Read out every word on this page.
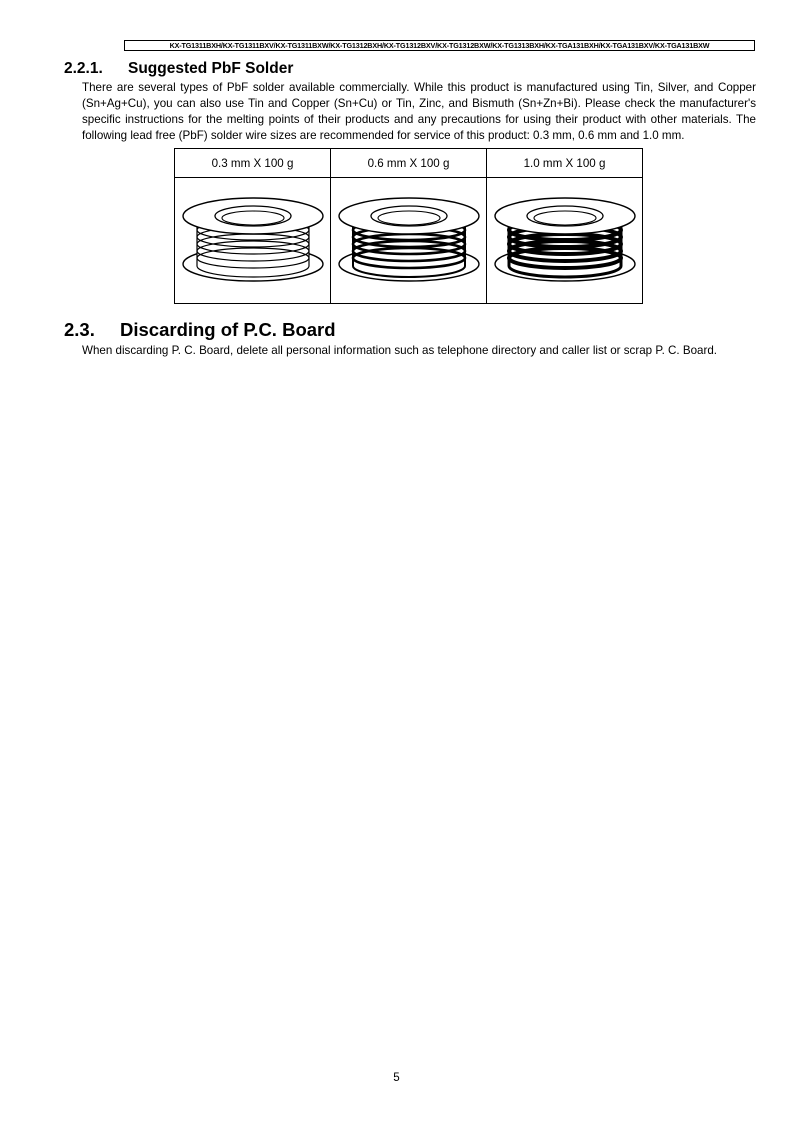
KX-TG1311BXH/KX-TG1311BXV/KX-TG1311BXW/KX-TG1312BXH/KX-TG1312BXV/KX-TG1312BXW/KX-TG1313BXH/KX-TGA131BXH/KX-TGA131BXV/KX-TGA131BXW
2.2.1. Suggested PbF Solder
There are several types of PbF solder available commercially. While this product is manufactured using Tin, Silver, and Copper
(Sn+Ag+Cu), you can also use Tin and Copper (Sn+Cu) or Tin, Zinc, and Bismuth (Sn+Zn+Bi). Please check the manufacturer's
specific instructions for the melting points of their products and any precautions for using their product with other materials. The
following lead free (PbF) solder wire sizes are recommended for service of this product: 0.3 mm, 0.6 mm and 1.0 mm.
0.3 mm X 100 g	0.6 mm X 100 g	1.0 mm X 100 g

2.3. Discarding of P.C. Board
When discarding P. C. Board, delete all personal information such as telephone directory and caller list or scrap P. C. Board.
5
